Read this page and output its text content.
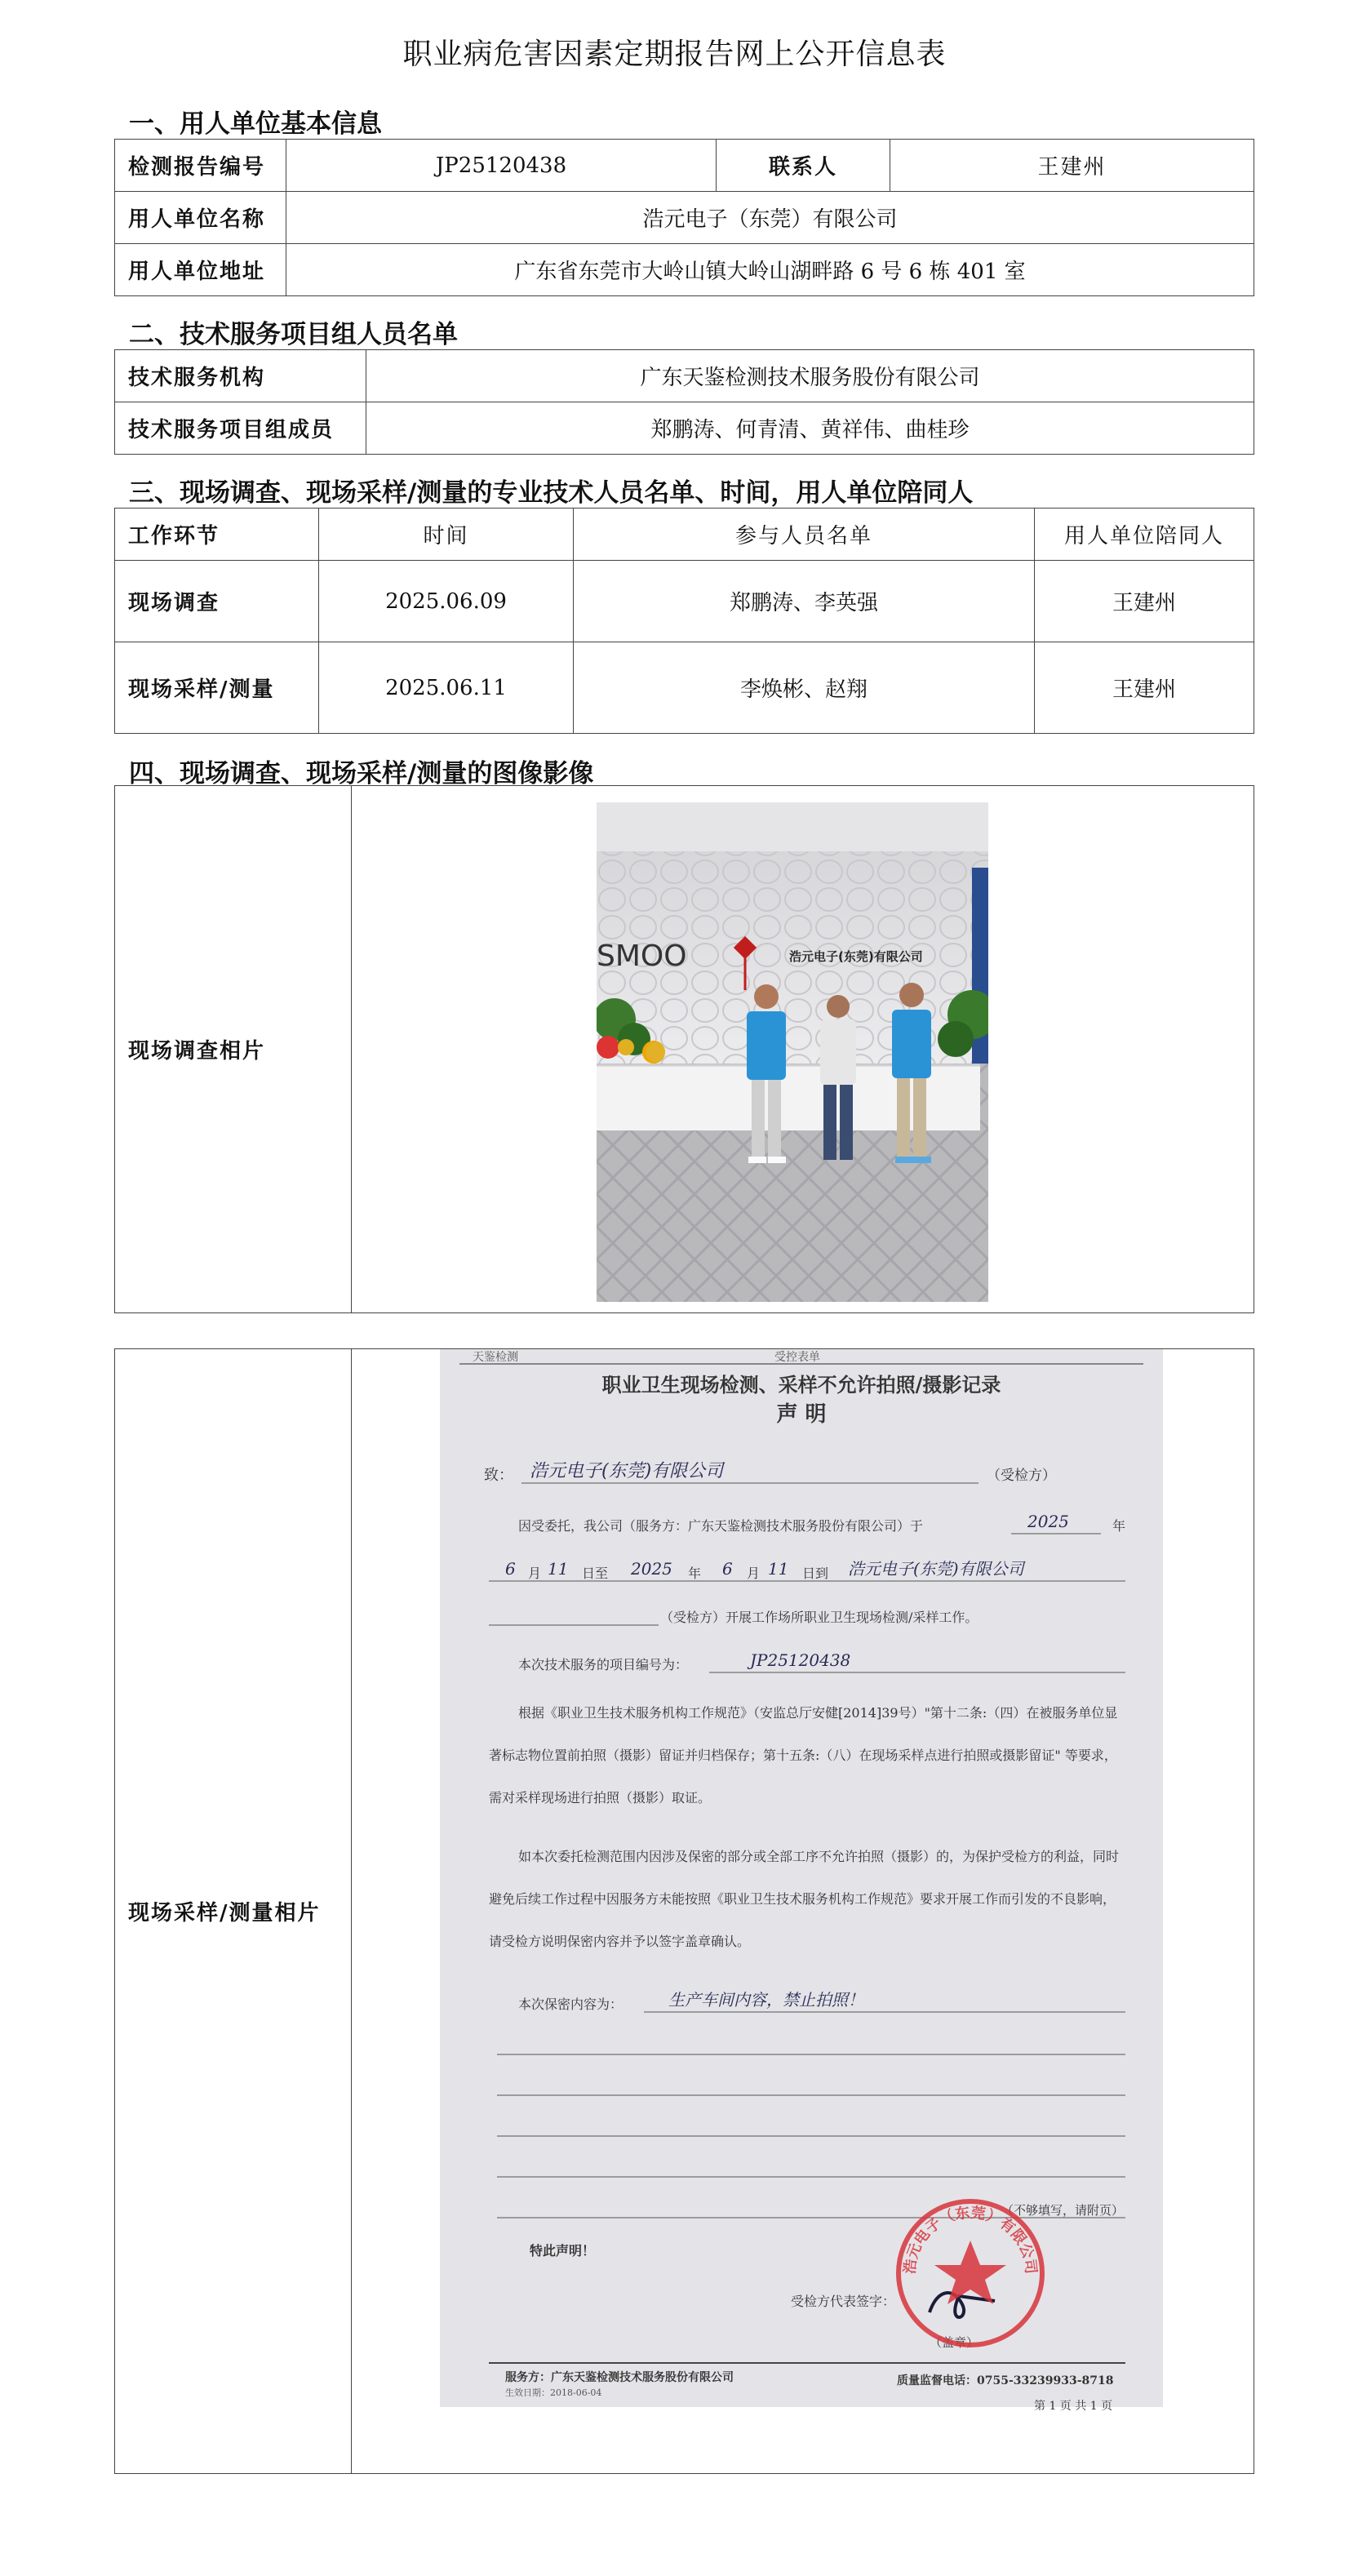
职业病危害因素定期报告网上公开信息表
一、用人单位基本信息
检测报告编号	JP25120438	联系人	王建州
用人单位名称	浩元电子（东莞）有限公司		
用人单位地址	广东省东莞市大岭山镇大岭山湖畔路 6 号 6 栋 401 室		
二、技术服务项目组人员名单
技术服务机构	广东天鉴检测技术服务股份有限公司
技术服务项目组成员	郑鹏涛、何青清、黄祥伟、曲桂珍
三、现场调查、现场采样/测量的专业技术人员名单、时间，用人单位陪同人
工作环节	时间	参与人员名单	用人单位陪同人
现场调查	2025.06.09	郑鹏涛、李英强	王建州
现场采样/测量	2025.06.11	李焕彬、赵翔	王建州
四、现场调查、现场采样/测量的图像影像
现场调查相片	
SMOO	浩元电子(东莞)有限公司
现场采样/测量相片	
天鉴检测	受控表单
职业卫生现场检测、采样不允许拍照/摄影记录
声 明
致： 浩元电子(东莞)有限公司	（受检方）
因受委托，我公司（服务方：广东天鉴检测技术服务股份有限公司）于	2025	年
6 月 11 日至 2025 年 6 月 11 日到 浩元电子(东莞)有限公司
（受检方）开展工作场所职业卫生现场检测/采样工作。
本次技术服务的项目编号为：	JP25120438
根据《职业卫生技术服务机构工作规范》（安监总厅安健[2014]39号）"第十二条:（四）在被服务单位显著标志物位置前拍照（摄影）留证并归档保存；第十五条:（八）在现场采样点进行拍照或摄影留证" 等要求，需对采样现场进行拍照（摄影）取证。
如本次委托检测范围内因涉及保密的部分或全部工序不允许拍照（摄影）的，为保护受检方的利益，同时避免后续工作过程中因服务方未能按照《职业卫生技术服务机构工作规范》要求开展工作而引发的不良影响，请受检方说明保密内容并予以签字盖章确认。
本次保密内容为：	生产车间内容，禁止拍照！
（不够填写，请附页）
特此声明！
受检方代表签字：
（盖章）
浩元电子（东莞）有限公司
服务方：广东天鉴检测技术服务股份有限公司	质量监督电话：0755-33239933-8718
生效日期：2018-06-04
第 1 页 共 1 页
